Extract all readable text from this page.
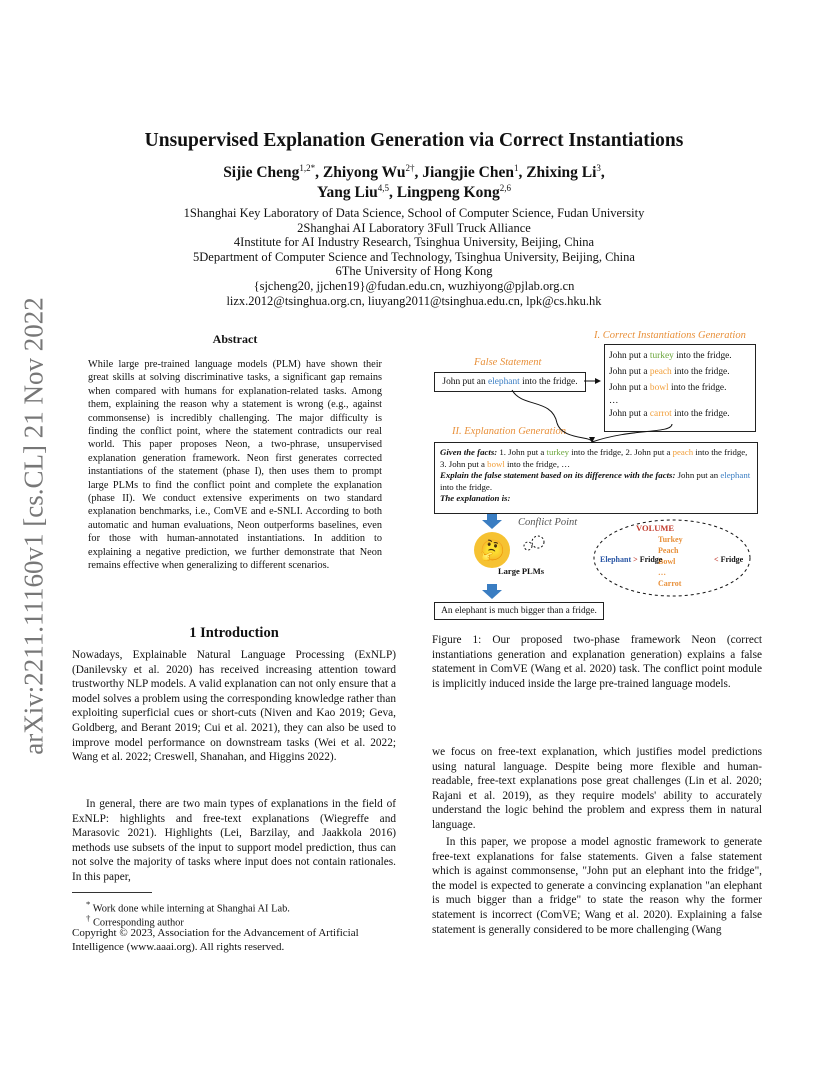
arXiv:2211.11160v1 [cs.CL] 21 Nov 2022
Unsupervised Explanation Generation via Correct Instantiations
Sijie Cheng$^{1,2*}$, Zhiyong $Wu^{2\dagger}$, Jiangjie Chen$^1$, Zhixing Li$^3$,
Yang Liu$^{4,5}$, Lingpeng Kong$^{2,6}$
1Shanghai Key Laboratory of Data Science, School of Computer Science, Fudan University
2Shanghai AI Laboratory 3Full Truck Alliance
4Institute for AI Industry Research, Tsinghua University, Beijing, China
5Department of Computer Science and Technology, Tsinghua University, Beijing, China
6The University of Hong Kong
{sjcheng20, jjchen19}@fudan.edu.cn, wuzhiyong@pjlab.org.cn
lizx.2012@tsinghua.org.cn, liuyang2011@tsinghua.edu.cn, lpk@cs.hku.hk
Abstract
While large pre-trained language models (PLM) have shown their great skills at solving discriminative tasks, a significant gap remains when compared with humans for explanation-related tasks. Among them, explaining the reason why a statement is wrong (e.g., against commonsense) is incredibly challenging. The major difficulty is finding the conflict point, where the statement contradicts our real world. This paper proposes Neon, a two-phrase, unsupervised explanation generation framework. Neon first generates corrected instantiations of the statement (phase I), then uses them to prompt large PLMs to find the conflict point and complete the explanation (phase II). We conduct extensive experiments on two standard explanation benchmarks, i.e., ComVE and e-SNLI. According to both automatic and human evaluations, Neon outperforms baselines, even for those with human-annotated instantiations. In addition to explaining a negative prediction, we further demonstrate that Neon remains effective when generalizing to different scenarios.
1 Introduction
Nowadays, Explainable Natural Language Processing (ExNLP) (Danilevsky et al. 2020) has received increasing attention toward trustworthy NLP models. A valid explanation can not only ensure that a model solves a problem using the corresponding knowledge rather than exploiting superficial cues or short-cuts (Niven and Kao 2019; Geva, Goldberg, and Berant 2019; Cui et al. 2021), they can also be used to improve model performance on downstream tasks (Wei et al. 2022; Wang et al. 2022; Creswell, Shanahan, and Higgins 2022).
In general, there are two main types of explanations in the field of ExNLP: highlights and free-text explanations (Wiegreffe and Marasovic 2021). Highlights (Lei, Barzilay, and Jaakkola 2016) methods use subsets of the input to support model prediction, thus can not solve the majority of tasks where input does not contain rationales. In this paper,
* Work done while interning at Shanghai AI Lab.
† Corresponding author
Copyright © 2023, Association for the Advancement of Artificial Intelligence (www.aaai.org). All rights reserved.
I. Correct Instantiations Generation
False Statement
John put an elephant into the fridge.
John put a turkey into the fridge.
John put a peach into the fridge.
John put a bowl into the fridge.
…
John put a carrot into the fridge.
II. Explanation Generation
Given the facts: 1. John put a turkey into the fridge, 2. John put a peach into the fridge, 3. John put a bowl into the fridge, …
Explain the false statement based on its difference with the facts: John put an elephant into the fridge.
The explanation is:
🤔
Conflict Point
Large PLMs
VOLUME
Turkey
Peach
Bowl
…
Carrot
Elephant > Fridge	< Fridge
An elephant is much bigger than a fridge.
Figure 1: Our proposed two-phase framework Neon (correct instantiations generation and explanation generation) explains a false statement in ComVE (Wang et al. 2020) task. The conflict point module is implicitly induced inside the large pre-trained language models.
we focus on free-text explanation, which justifies model predictions using natural language. Despite being more flexible and human-readable, free-text explanations pose great challenges (Lin et al. 2020; Rajani et al. 2019), as they require models' ability to accurately understand the logic behind the problem and express them in natural language.
In this paper, we propose a model agnostic framework to generate free-text explanations for false statements. Given a false statement which is against commonsense, "John put an elephant into the fridge", the model is expected to generate a convincing explanation "an elephant is much bigger than a fridge" to state the reason why the former statement is incorrect (ComVE; Wang et al. 2020). Explaining a false statement is generally considered to be more challenging (Wang
